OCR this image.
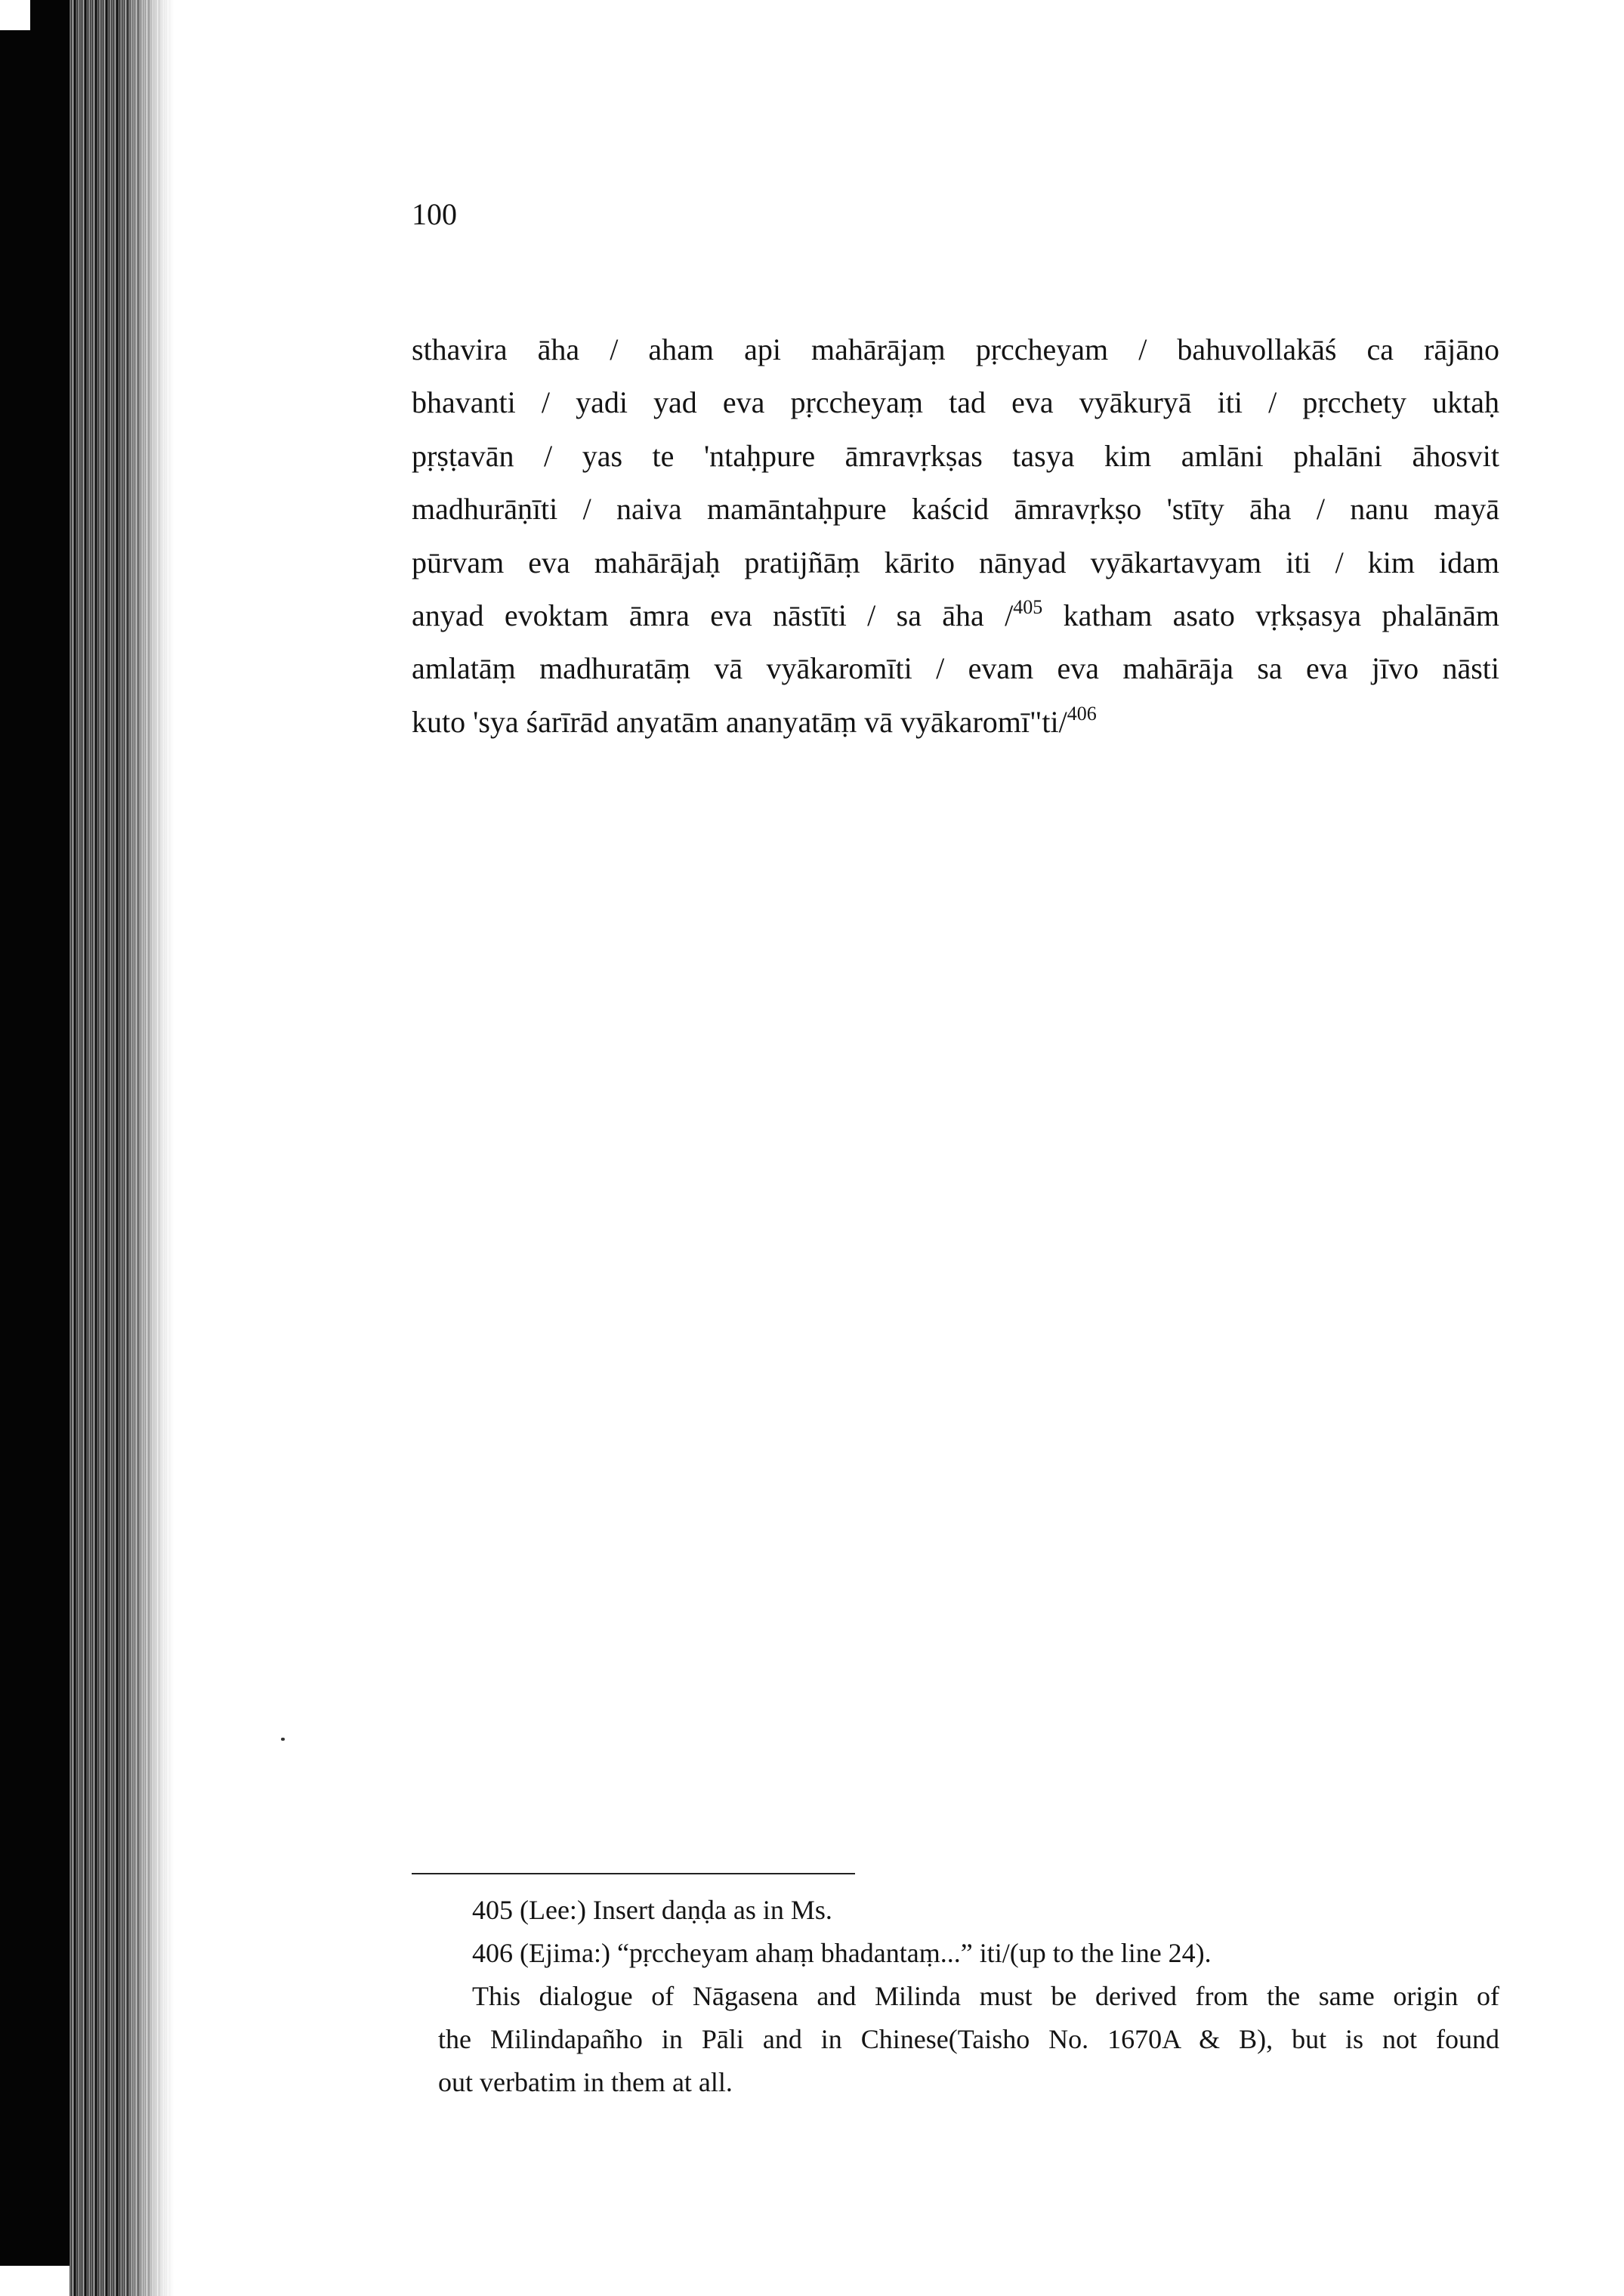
100
sthavira āha / aham api mahārājaṃ pṛccheyam / bahuvollakāś ca rājāno
bhavanti / yadi yad eva pṛccheyaṃ tad eva vyākuryā iti / pṛcchety uktaḥ
pṛṣṭavān / yas te 'ntaḥpure āmravṛkṣas tasya kim amlāni phalāni āhosvit
madhurāṇīti / naiva mamāntaḥpure kaścid āmravṛkṣo 'stīty āha / nanu mayā
pūrvam eva mahārājaḥ pratijñāṃ kārito nānyad vyākartavyam iti / kim idam
anyad evoktam āmra eva nāstīti / sa āha /$^{405}$ katham asato vṛkṣasya phalānām
amlatāṃ madhuratāṃ vā vyākaromīti / evam eva mahārāja sa eva jīvo nāsti
kuto 'sya śarīrād anyatām ananyatāṃ vā vyākaromī"ti/$^{406}$
405 (Lee:) Insert daṇḍa as in Ms.
406 (Ejima:) “pṛccheyam ahaṃ bhadantaṃ...” iti/(up to the line 24).
This dialogue of Nāgasena and Milinda must be derived from the same origin of
the Milindapañho in Pāli and in Chinese(Taisho No. 1670A & B), but is not found
out verbatim in them at all.
